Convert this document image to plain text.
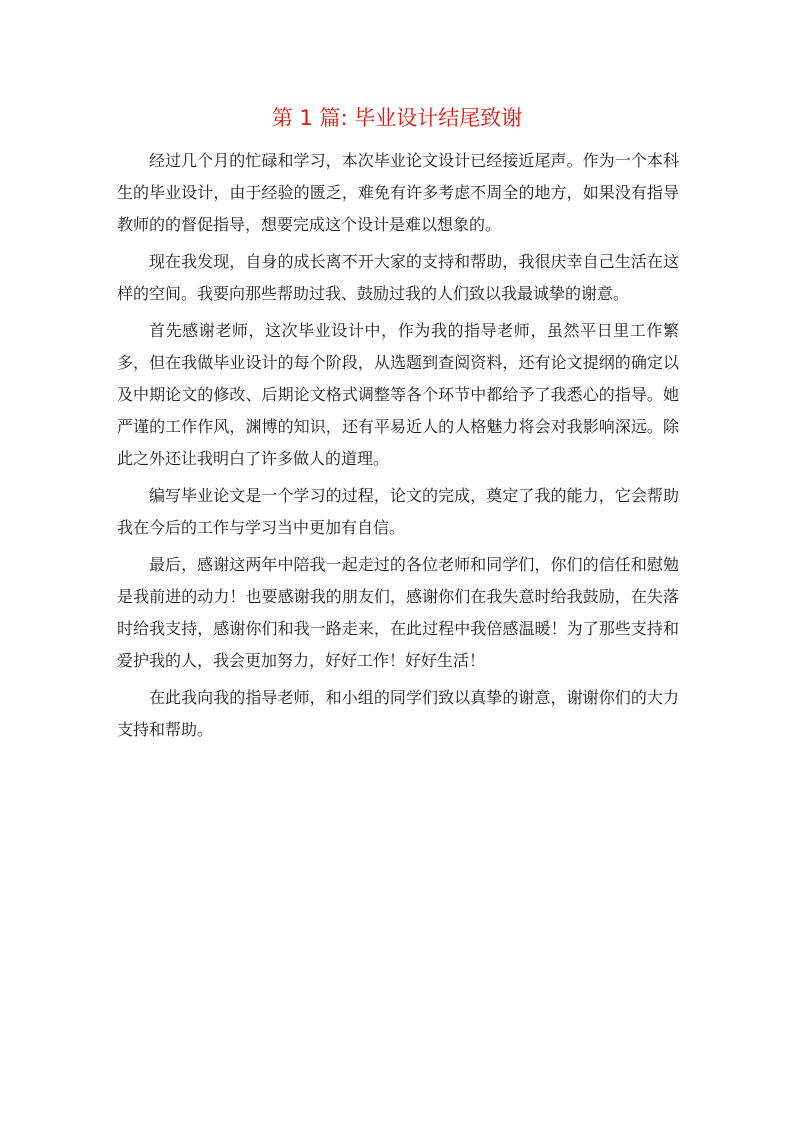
第 1 篇: 毕业设计结尾致谢

经过几个月的忙碌和学习，本次毕业论文设计已经接近尾声。作为一个本科生的毕业设计，由于经验的匮乏，难免有许多考虑不周全的地方，如果没有指导教师的的督促指导，想要完成这个设计是难以想象的。

现在我发现，自身的成长离不开大家的支持和帮助，我很庆幸自己生活在这样的空间。我要向那些帮助过我、鼓励过我的人们致以我最诚挚的谢意。

首先感谢老师，这次毕业设计中，作为我的指导老师，虽然平日里工作繁多，但在我做毕业设计的每个阶段，从选题到查阅资料，还有论文提纲的确定以及中期论文的修改、后期论文格式调整等各个环节中都给予了我悉心的指导。她严谨的工作作风，渊博的知识，还有平易近人的人格魅力将会对我影响深远。除此之外还让我明白了许多做人的道理。

编写毕业论文是一个学习的过程，论文的完成，奠定了我的能力，它会帮助我在今后的工作与学习当中更加有自信。

最后，感谢这两年中陪我一起走过的各位老师和同学们，你们的信任和慰勉是我前进的动力！也要感谢我的朋友们，感谢你们在我失意时给我鼓励，在失落时给我支持，感谢你们和我一路走来，在此过程中我倍感温暖！为了那些支持和爱护我的人，我会更加努力，好好工作！好好生活！

在此我向我的指导老师，和小组的同学们致以真挚的谢意，谢谢你们的大力支持和帮助。
